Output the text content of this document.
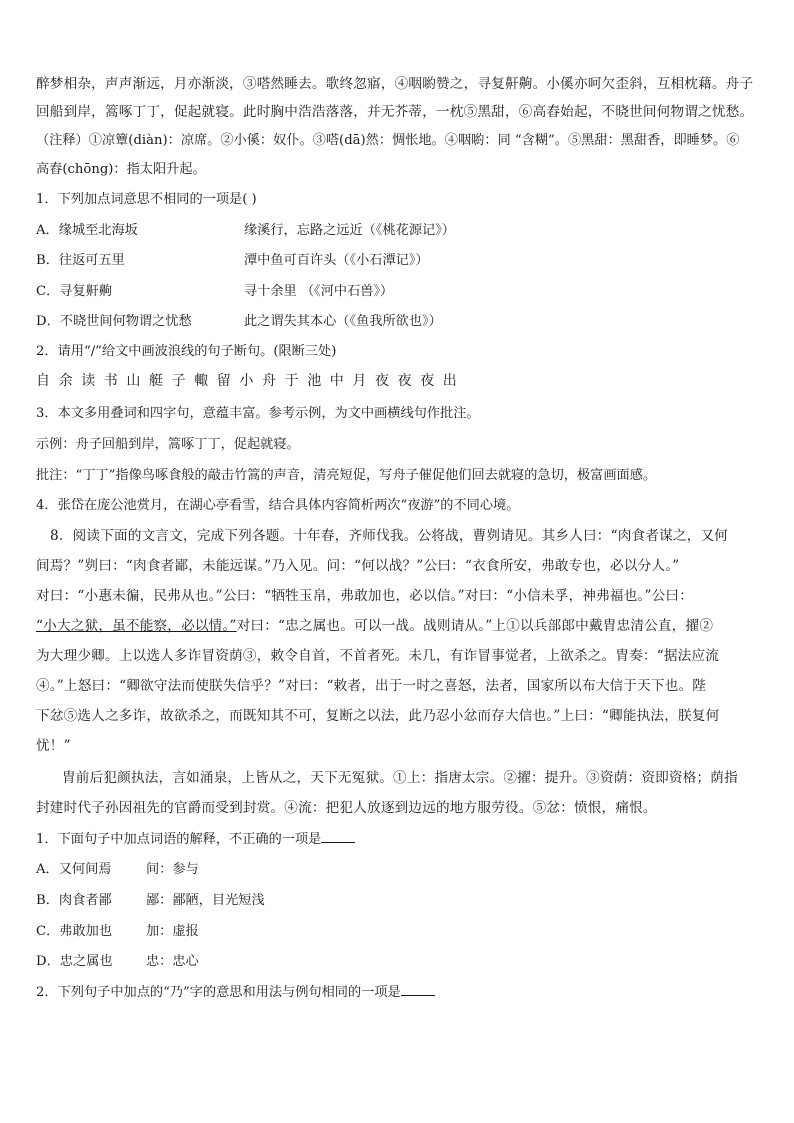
醉梦相杂，声声渐远，月亦渐淡，③嗒然睡去。歌终忽寤，④咽喲赞之，寻复鼾齁。小傒亦呵欠歪斜，互相枕藉。舟子
回船到岸，篙啄丁丁，促起就寝。此时胸中浩浩落落，并无芥蒂，一枕⑤黑甜，⑥高舂始起，不晓世间何物谓之忧愁。
（注释）①凉簟(diàn)：凉席。②小傒：奴仆。③嗒(dā)然：惆怅地。④咽喲：同 “含糊”。⑤黑甜：黑甜香，即睡梦。⑥
高舂(chōng)：指太阳升起。
1．下列加点词意思不相同的一项是( )
A．缘城至北海坂	缘溪行，忘路之远近（《桃花源记》）
B．往返可五里	潭中鱼可百许头（《小石潭记》）
C．寻复鼾齁	寻十余里 （《河中石兽》）
D．不晓世间何物谓之忧愁	此之谓失其本心（《鱼我所欲也》）
2．请用“/”给文中画波浪线的句子断句。(限断三处)
自余读书山艇子輙留小舟于池中月夜夜夜出
3．本文多用叠词和四字句，意蕴丰富。参考示例，为文中画横线句作批注。
示例：舟子回船到岸，篙啄丁丁，促起就寝。
批注：“丁丁”指像鸟啄食般的敲击竹篙的声音，清亮短促，写舟子催促他们回去就寝的急切，极富画面感。
4．张岱在庞公池赏月，在湖心亭看雪，结合具体内容简析两次“夜游”的不同心境。
8．阅读下面的文言文，完成下列各题。十年春，齐师伐我。公将战，曹刿请见。其乡人曰：“肉食者谋之，又何
间焉？”刿曰：“肉食者鄙，未能远谋。”乃入见。问：“何以战？”公曰：“衣食所安，弗敢专也，必以分人。”
对曰：“小惠未徧，民弗从也。”公曰：“牺牲玉帛，弗敢加也，必以信。”对曰：“小信未孚，神弗福也。”公曰：
“小大之狱，虽不能察，必以情。”对曰：“忠之属也。可以一战。战则请从。”上①以兵部郎中戴胄忠清公直，擢②
为大理少卿。上以选人多诈冒资荫③，敕令自首，不首者死。未几，有诈冒事觉者，上欲杀之。胄奏：“据法应流
④。”上怒曰：“卿欲守法而使朕失信乎？”对曰：“敕者，出于一时之喜怒，法者，国家所以布大信于天下也。陛
下忿⑤选人之多诈，故欲杀之，而既知其不可，复断之以法，此乃忍小忿而存大信也。”上曰：“卿能执法，朕复何
忧！”
胄前后犯颜执法，言如涌泉，上皆从之，天下无冤狱。①上：指唐太宗。②擢：提升。③资荫：资即资格；荫指
封建时代子孙因祖先的官爵而受到封赏。④流：把犯人放逐到边远的地方服劳役。⑤忿：愤恨，痛恨。
1．下面句子中加点词语的解释，不正确的一项是
A．又何间焉	间：参与
B．肉食者鄙	鄙：鄙陋，目光短浅
C．弗敢加也	加：虚报
D．忠之属也	忠：忠心
2．下列句子中加点的“乃”字的意思和用法与例句相同的一项是
